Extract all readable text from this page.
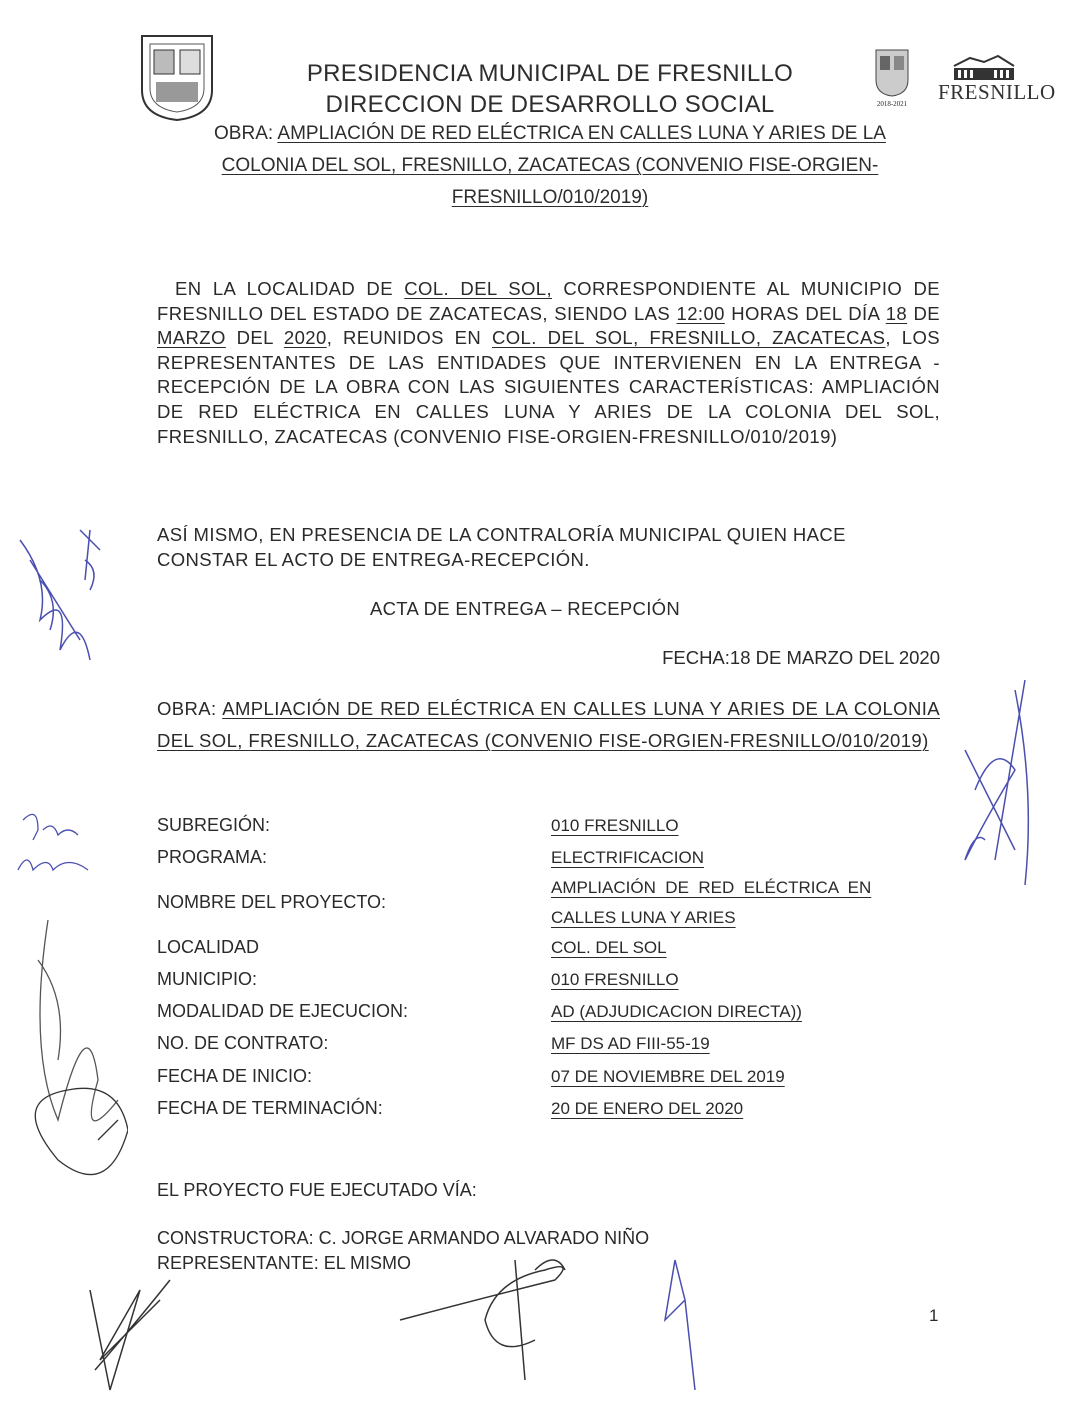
PRESIDENCIA MUNICIPAL DE FRESNILLO
DIRECCION DE DESARROLLO SOCIAL	2018-2021	FRESNILLO
OBRA: AMPLIACIÓN DE RED ELÉCTRICA EN CALLES LUNA Y ARIES DE LA
COLONIA DEL SOL, FRESNILLO, ZACATECAS (CONVENIO FISE-ORGIEN-
FRESNILLO/010/2019)
EN LA LOCALIDAD DE COL. DEL SOL, CORRESPONDIENTE AL MUNICIPIO DE FRESNILLO DEL ESTADO DE ZACATECAS, SIENDO LAS 12:00 HORAS DEL DÍA 18 DE MARZO DEL 2020, REUNIDOS EN COL. DEL SOL, FRESNILLO, ZACATECAS, LOS REPRESENTANTES DE LAS ENTIDADES QUE INTERVIENEN EN LA ENTREGA - RECEPCIÓN DE LA OBRA CON LAS SIGUIENTES CARACTERÍSTICAS: AMPLIACIÓN DE RED ELÉCTRICA EN CALLES LUNA Y ARIES DE LA COLONIA DEL SOL, FRESNILLO, ZACATECAS (CONVENIO FISE-ORGIEN-FRESNILLO/010/2019)
ASÍ MISMO, EN PRESENCIA DE LA CONTRALORÍA MUNICIPAL QUIEN HACE CONSTAR EL ACTO DE ENTREGA-RECEPCIÓN.
ACTA DE ENTREGA – RECEPCIÓN
FECHA:18 DE MARZO DEL 2020
OBRA: AMPLIACIÓN DE RED ELÉCTRICA EN CALLES LUNA Y ARIES DE LA COLONIA DEL SOL, FRESNILLO, ZACATECAS (CONVENIO FISE-ORGIEN-FRESNILLO/010/2019)
SUBREGIÓN:	010 FRESNILLO
PROGRAMA:	ELECTRIFICACION
NOMBRE DEL PROYECTO:
AMPLIACIÓN  DE  RED  ELÉCTRICA  EN
CALLES LUNA Y ARIES
LOCALIDAD	COL. DEL SOL
MUNICIPIO:	010 FRESNILLO
MODALIDAD DE EJECUCION:	AD (ADJUDICACION DIRECTA))
NO. DE CONTRATO:	MF DS AD FIII-55-19
FECHA DE INICIO:	07 DE NOVIEMBRE DEL 2019
FECHA DE TERMINACIÓN:	20 DE ENERO DEL 2020
EL PROYECTO FUE EJECUTADO VÍA:
CONSTRUCTORA: C. JORGE ARMANDO ALVARADO NIÑO
REPRESENTANTE: EL MISMO
1
